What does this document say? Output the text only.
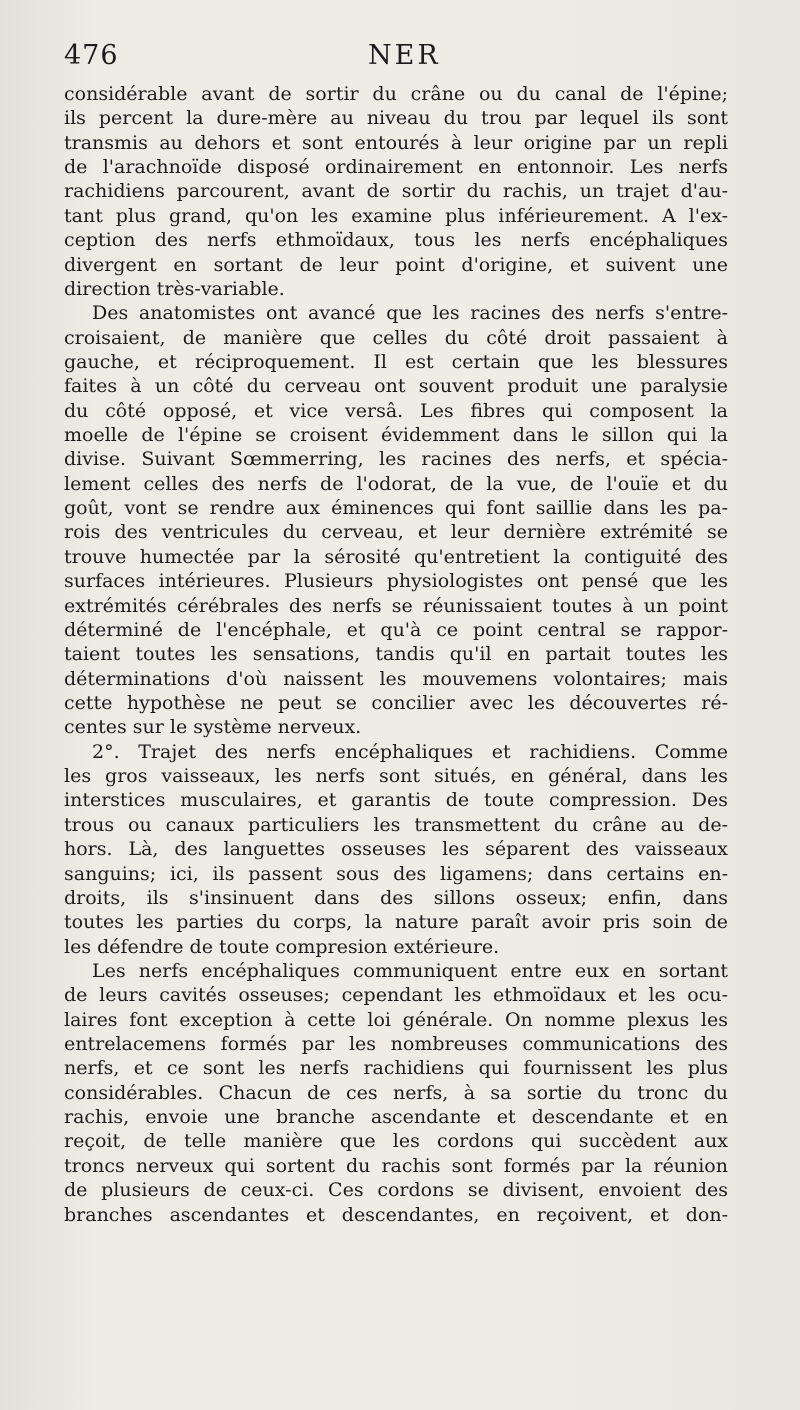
476	NER
considérable avant de sortir du crâne ou du canal de l'épine;
ils percent la dure-mère au niveau du trou par lequel ils sont
transmis au dehors et sont entourés à leur origine par un repli
de l'arachnoïde disposé ordinairement en entonnoir. Les nerfs
rachidiens parcourent, avant de sortir du rachis, un trajet d'au-
tant plus grand, qu'on les examine plus inférieurement. A l'ex-
ception des nerfs ethmoïdaux, tous les nerfs encéphaliques
divergent en sortant de leur point d'origine, et suivent une
direction très-variable.
Des anatomistes ont avancé que les racines des nerfs s'entre-
croisaient, de manière que celles du côté droit passaient à
gauche, et réciproquement. Il est certain que les blessures
faites à un côté du cerveau ont souvent produit une paralysie
du côté opposé, et vice versâ. Les fibres qui composent la
moelle de l'épine se croisent évidemment dans le sillon qui la
divise. Suivant Sœmmerring, les racines des nerfs, et spécia-
lement celles des nerfs de l'odorat, de la vue, de l'ouïe et du
goût, vont se rendre aux éminences qui font saillie dans les pa-
rois des ventricules du cerveau, et leur dernière extrémité se
trouve humectée par la sérosité qu'entretient la contiguité des
surfaces intérieures. Plusieurs physiologistes ont pensé que les
extrémités cérébrales des nerfs se réunissaient toutes à un point
déterminé de l'encéphale, et qu'à ce point central se rappor-
taient toutes les sensations, tandis qu'il en partait toutes les
déterminations d'où naissent les mouvemens volontaires; mais
cette hypothèse ne peut se concilier avec les découvertes ré-
centes sur le système nerveux.
2°. Trajet des nerfs encéphaliques et rachidiens. Comme
les gros vaisseaux, les nerfs sont situés, en général, dans les
interstices musculaires, et garantis de toute compression. Des
trous ou canaux particuliers les transmettent du crâne au de-
hors. Là, des languettes osseuses les séparent des vaisseaux
sanguins; ici, ils passent sous des ligamens; dans certains en-
droits, ils s'insinuent dans des sillons osseux; enfin, dans
toutes les parties du corps, la nature paraît avoir pris soin de
les défendre de toute compresion extérieure.
Les nerfs encéphaliques communiquent entre eux en sortant
de leurs cavités osseuses; cependant les ethmoïdaux et les ocu-
laires font exception à cette loi générale. On nomme plexus les
entrelacemens formés par les nombreuses communications des
nerfs, et ce sont les nerfs rachidiens qui fournissent les plus
considérables. Chacun de ces nerfs, à sa sortie du tronc du
rachis, envoie une branche ascendante et descendante et en
reçoit, de telle manière que les cordons qui succèdent aux
troncs nerveux qui sortent du rachis sont formés par la réunion
de plusieurs de ceux-ci. Ces cordons se divisent, envoient des
branches ascendantes et descendantes, en reçoivent, et don-
